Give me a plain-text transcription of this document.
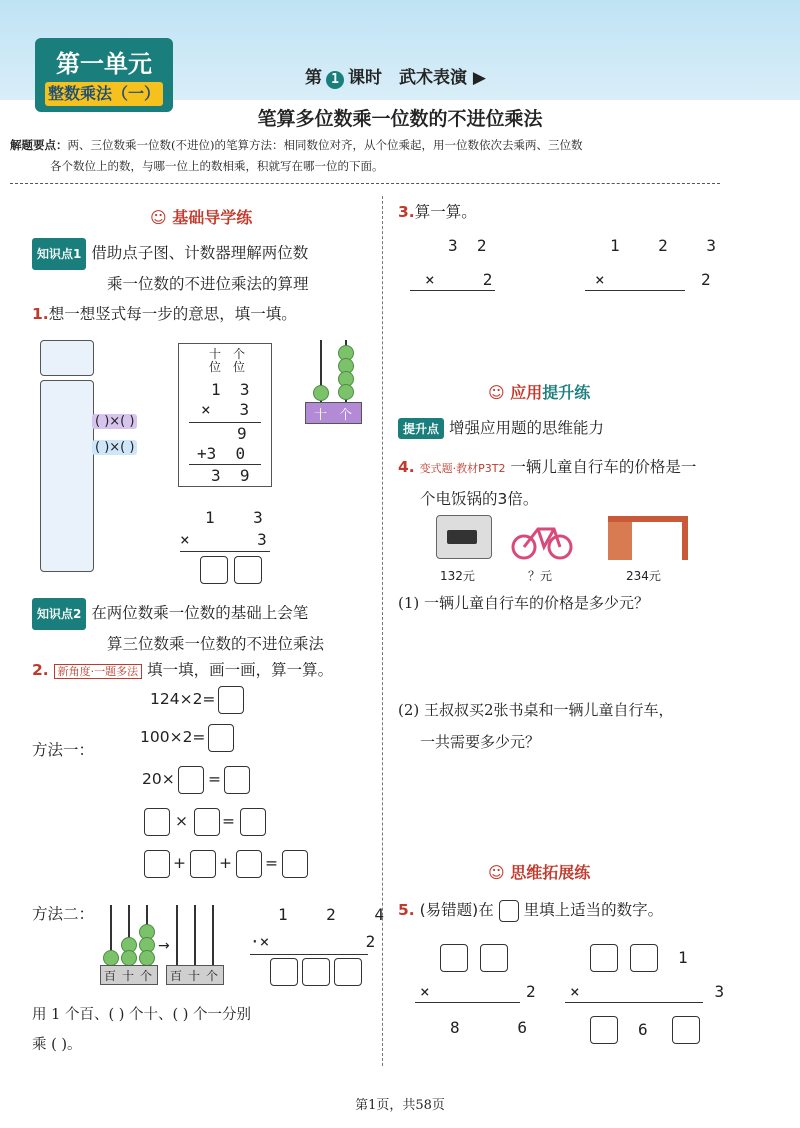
第一单元
整数乘法（一）
第 1 课时　武术表演 ▶
笔算多位数乘一位数的不进位乘法
解题要点：两、三位数乘一位数(不进位)的笔算方法：相同数位对齐，从个位乘起，用一位数依次去乘两、三位数
各个数位上的数，与哪一位上的数相乘，积就写在哪一位的下面。
☺ 基础导学练
知识点1 借助点子图、计数器理解两位数
乘一位数的不进位乘法的算理
1.想一想竖式每一步的意思，填一填。
( )×( )
( )×( )
十
位
个
位
1  3
×   3
9
+3  0
3  9
十 个
1    3
×       3
知识点2 在两位数乘一位数的基础上会笔
算三位数乘一位数的不进位乘法
2. 新角度·一题多法 填一填，画一画，算一算。
124×2=
方法一：
100×2=
20× =
× =
+ + =
方法二：
百 十 个
→
百 十 个
1    2    4
·×          2
用 1 个百、( ) 个十、( ) 个一分别
乘 ( )。
3.算一算。
3  2
×     2
1    2    3
×          2
☺ 应用提升练
提升点 增强应用题的思维能力
4. 变式题·教材P3T2 一辆儿童自行车的价格是一
个电饭锅的3倍。
132元	？元	234元
(1) 一辆儿童自行车的价格是多少元？
(2) 王叔叔买2张书桌和一辆儿童自行车，
一共需要多少元？
☺ 思维拓展练
5. (易错题)在 里填上适当的数字。
×          2
8      6
1
×              3
6
第1页，共58页
